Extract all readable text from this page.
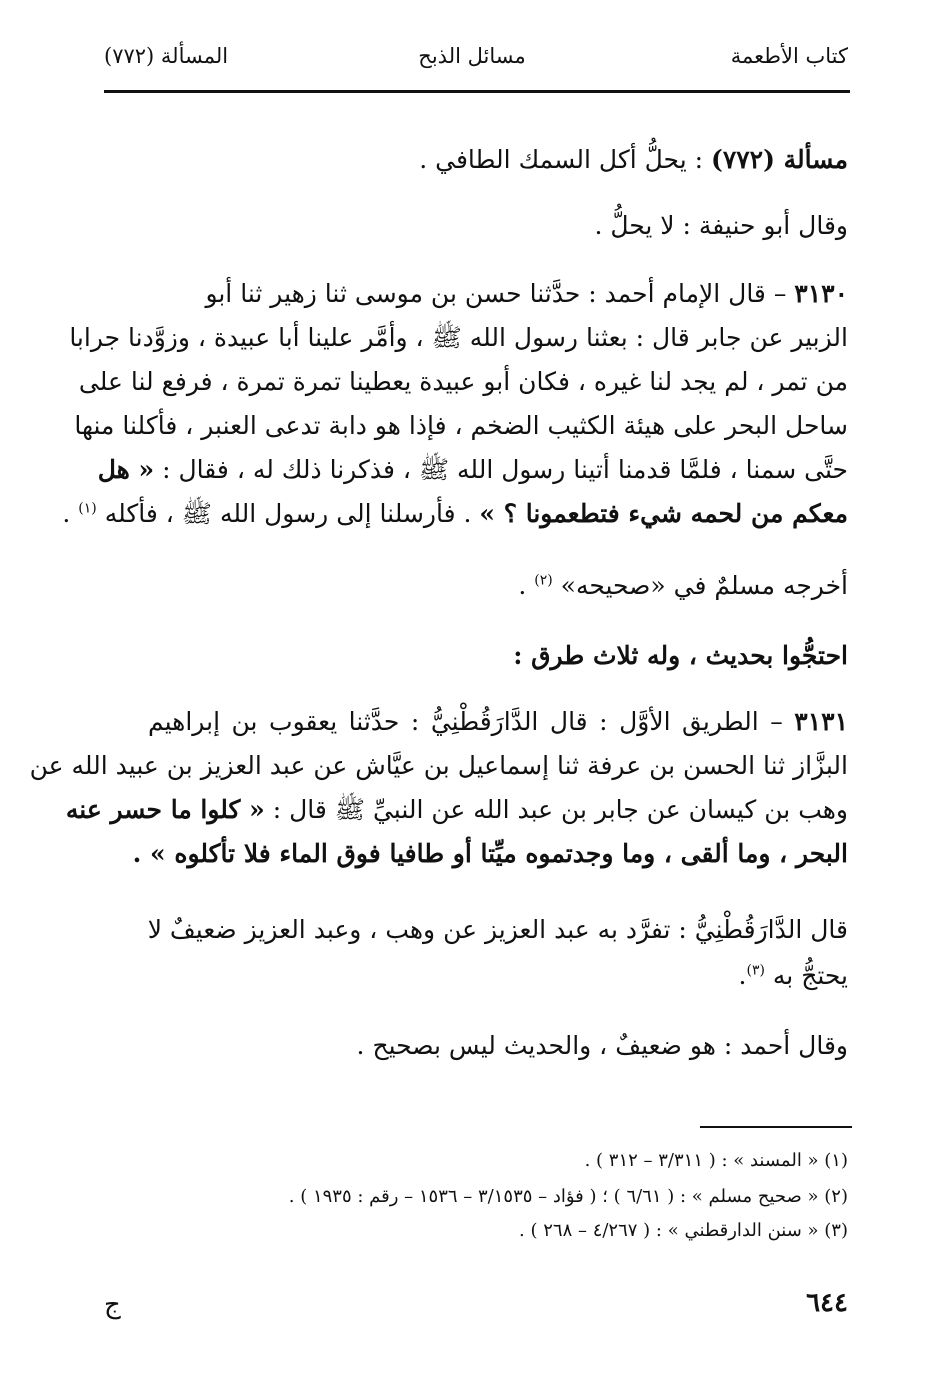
كتاب الأطعمة
مسائل الذبح
المسألة (٧٧٢)
مسألة (٧٧٢) : يحلُّ أكل السمك الطافي .
وقال أبو حنيفة : لا يحلُّ .
٣١٣٠ – قال الإمام أحمد : حدَّثنا حسن بن موسى ثنا زهير ثنا أبو
الزبير عن جابر قال : بعثنا رسول الله ﷺ ، وأمَّر علينا أبا عبيدة ، وزوَّدنا جرابا
من تمر ، لم يجد لنا غيره ، فكان أبو عبيدة يعطينا تمرة تمرة ، فرفع لنا على
ساحل البحر على هيئة الكثيب الضخم ، فإذا هو دابة تدعى العنبر ، فأكلنا منها
حتَّى سمنا ، فلمَّا قدمنا أتينا رسول الله ﷺ ، فذكرنا ذلك له ، فقال : « هل
معكم من لحمه شيء فتطعمونا ؟ » . فأرسلنا إلى رسول الله ﷺ ، فأكله $^{(١)}$ .
أخرجه مسلمٌ في «صحيحه» $^{(٢)}$ .
احتجُّوا بحديث ، وله ثلاث طرق :
٣١٣١ – الطريق الأوَّل : قال الدَّارَقُطْنِيُّ : حدَّثنا يعقوب بن إبراهيم
البزَّاز ثنا الحسن بن عرفة ثنا إسماعيل بن عيَّاش عن عبد العزيز بن عبيد الله عن
وهب بن كيسان عن جابر بن عبد الله عن النبيِّ ﷺ قال : « كلوا ما حسر عنه
البحر ، وما ألقى ، وما وجدتموه ميِّتا أو طافيا فوق الماء فلا تأكلوه » .
قال الدَّارَقُطْنِيُّ : تفرَّد به عبد العزيز عن وهب ، وعبد العزيز ضعيفٌ لا
يحتجُّ به $^{(٣)}$.
وقال أحمد : هو ضعيفٌ ، والحديث ليس بصحيح .
(١) « المسند » : ( ٣/٣١١ – ٣١٢ ) .
(٢) « صحيح مسلم » : ( ٦/٦١ ) ؛ ( فؤاد – ٣/١٥٣٥ – ١٥٣٦ – رقم : ١٩٣٥ ) .
(٣) « سنن الدارقطني » : ( ٤/٢٦٧ – ٢٦٨ ) .
٦٤٤
ج
